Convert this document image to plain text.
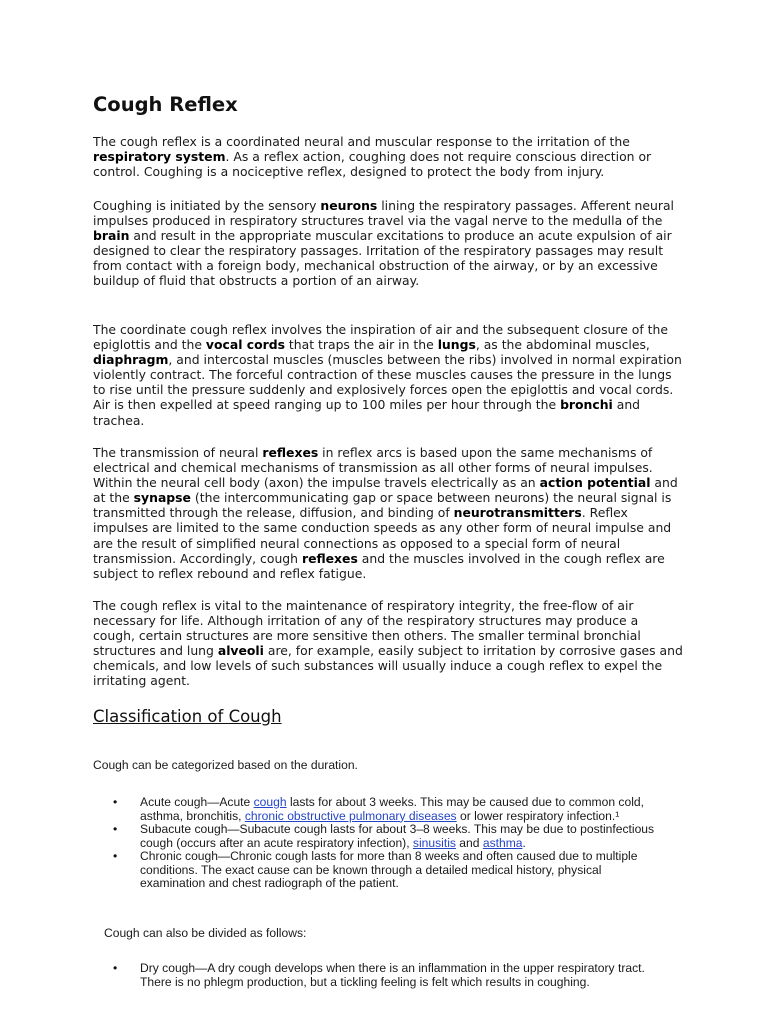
Cough Reflex

The cough reflex is a coordinated neural and muscular response to the irritation of the respiratory system. As a reflex action, coughing does not require conscious direction or control. Coughing is a nociceptive reflex, designed to protect the body from injury.

Coughing is initiated by the sensory neurons lining the respiratory passages. Afferent neural impulses produced in respiratory structures travel via the vagal nerve to the medulla of the brain and result in the appropriate muscular excitations to produce an acute expulsion of air designed to clear the respiratory passages. Irritation of the respiratory passages may result from contact with a foreign body, mechanical obstruction of the airway, or by an excessive buildup of fluid that obstructs a portion of an airway.

The coordinate cough reflex involves the inspiration of air and the subsequent closure of the epiglottis and the vocal cords that traps the air in the lungs, as the abdominal muscles, diaphragm, and intercostal muscles (muscles between the ribs) involved in normal expiration violently contract. The forceful contraction of these muscles causes the pressure in the lungs to rise until the pressure suddenly and explosively forces open the epiglottis and vocal cords. Air is then expelled at speed ranging up to 100 miles per hour through the bronchi and trachea.

The transmission of neural reflexes in reflex arcs is based upon the same mechanisms of electrical and chemical mechanisms of transmission as all other forms of neural impulses. Within the neural cell body (axon) the impulse travels electrically as an action potential and at the synapse (the intercommunicating gap or space between neurons) the neural signal is transmitted through the release, diffusion, and binding of neurotransmitters. Reflex impulses are limited to the same conduction speeds as any other form of neural impulse and are the result of simplified neural connections as opposed to a special form of neural transmission. Accordingly, cough reflexes and the muscles involved in the cough reflex are subject to reflex rebound and reflex fatigue.

The cough reflex is vital to the maintenance of respiratory integrity, the free-flow of air necessary for life. Although irritation of any of the respiratory structures may produce a cough, certain structures are more sensitive then others. The smaller terminal bronchial structures and lung alveoli are, for example, easily subject to irritation by corrosive gases and chemicals, and low levels of such substances will usually induce a cough reflex to expel the irritating agent.

Classification of Cough

Cough can be categorized based on the duration.

• Acute cough—Acute cough lasts for about 3 weeks. This may be caused due to common cold, asthma, bronchitis, chronic obstructive pulmonary diseases or lower respiratory infection.¹
• Subacute cough—Subacute cough lasts for about 3–8 weeks. This may be due to postinfectious cough (occurs after an acute respiratory infection), sinusitis and asthma.
• Chronic cough—Chronic cough lasts for more than 8 weeks and often caused due to multiple conditions. The exact cause can be known through a detailed medical history, physical examination and chest radiograph of the patient.

Cough can also be divided as follows:

• Dry cough—A dry cough develops when there is an inflammation in the upper respiratory tract. There is no phlegm production, but a tickling feeling is felt which results in coughing.
